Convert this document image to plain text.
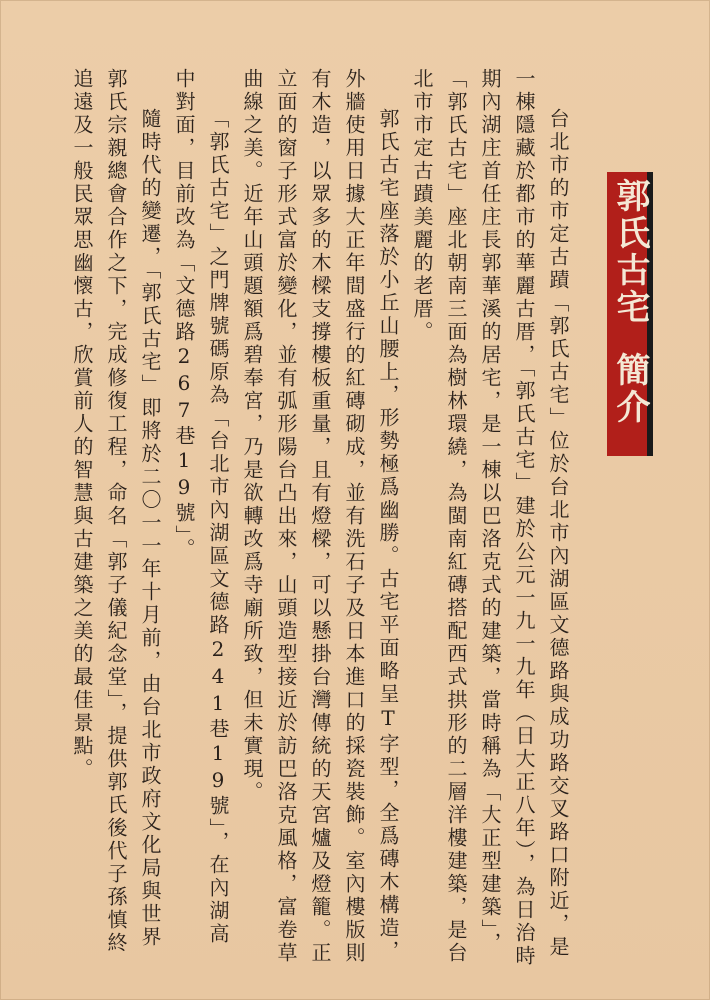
郭氏古宅簡介

台北市的市定古蹟「郭氏古宅」位於台北市內湖區文德路與成功路交叉路口附近，是一棟隱藏於都市的華麗古厝，「郭氏古宅」建於公元一九一九年（日大正八年），為日治時期內湖庄首任庄長郭華溪的居宅，是一棟以巴洛克式的建築，當時稱為「大正型建築」，「郭氏古宅」座北朝南三面為樹林環繞，為閩南紅磚搭配西式拱形的二層洋樓建築，是台北市市定古蹟美麗的老厝。

郭氏古宅座落於小丘山腰上，形勢極爲幽勝。古宅平面略呈T字型，全爲磚木構造，外牆使用日據大正年間盛行的紅磚砌成，並有洗石子及日本進口的採瓷裝飾。室內樓版則有木造，以眾多的木樑支撐樓板重量，且有燈樑，可以懸掛台灣傳統的天宮爐及燈籠。正立面的窗子形式富於變化，並有弧形陽台凸出來，山頭造型接近於訪巴洛克風格，富卷草曲線之美。近年山頭題額爲碧奉宮，乃是欲轉改爲寺廟所致，但未實現。

「郭氏古宅」之門牌號碼原為「台北市內湖區文德路241巷19號」，在內湖高中對面，目前改為「文德路267巷19號」。

隨時代的變遷，「郭氏古宅」即將於二〇一一年十月前，由台北市政府文化局與世界郭氏宗親總會合作之下，完成修復工程，命名「郭子儀紀念堂」，提供郭氏後代子孫慎終追遠及一般民眾思幽懷古，欣賞前人的智慧與古建築之美的最佳景點。
